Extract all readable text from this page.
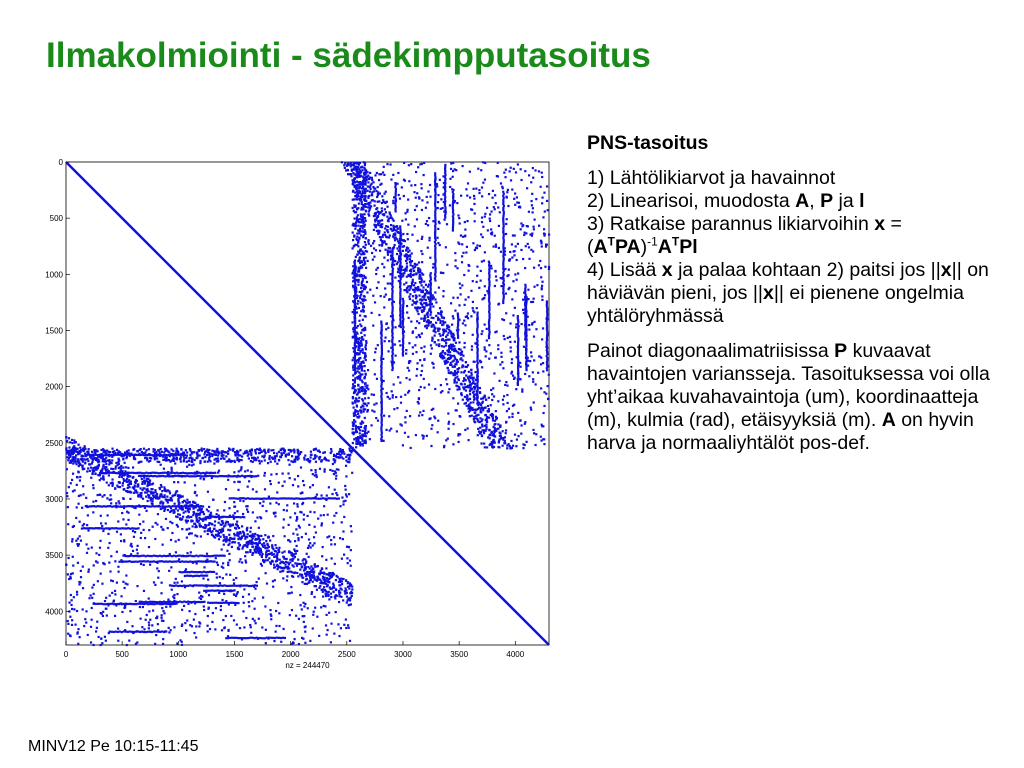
Ilmakolmiointi - sädekimpputasoitus
0	500	1000	1500	2000	2500	3000	3500	4000
0
500
1000
1500
2000
2500
3000
3500
4000
nz = 244470

PNS-tasoitus

1) Lähtölikiarvot ja havainnot
2) Linearisoi, muodosta A, P ja l
3) Ratkaise parannus likiarvoihin $x = (A^TPA)^{-1}A^TPl$
4) Lisää x ja palaa kohtaan 2) paitsi jos ||x|| on häviävän pieni, jos ||x|| ei pienene ongelmia yhtälöryhmässä

Painot diagonaalimatriisissa P kuvaavat havaintojen variansseja. Tasoituksessa voi olla yht’aikaa kuvahavaintoja (um), koordinaatteja (m), kulmia (rad), etäisyyksiä (m). A on hyvin harva ja normaaliyhtälöt pos-def.

MINV12 Pe 10:15-11:45
